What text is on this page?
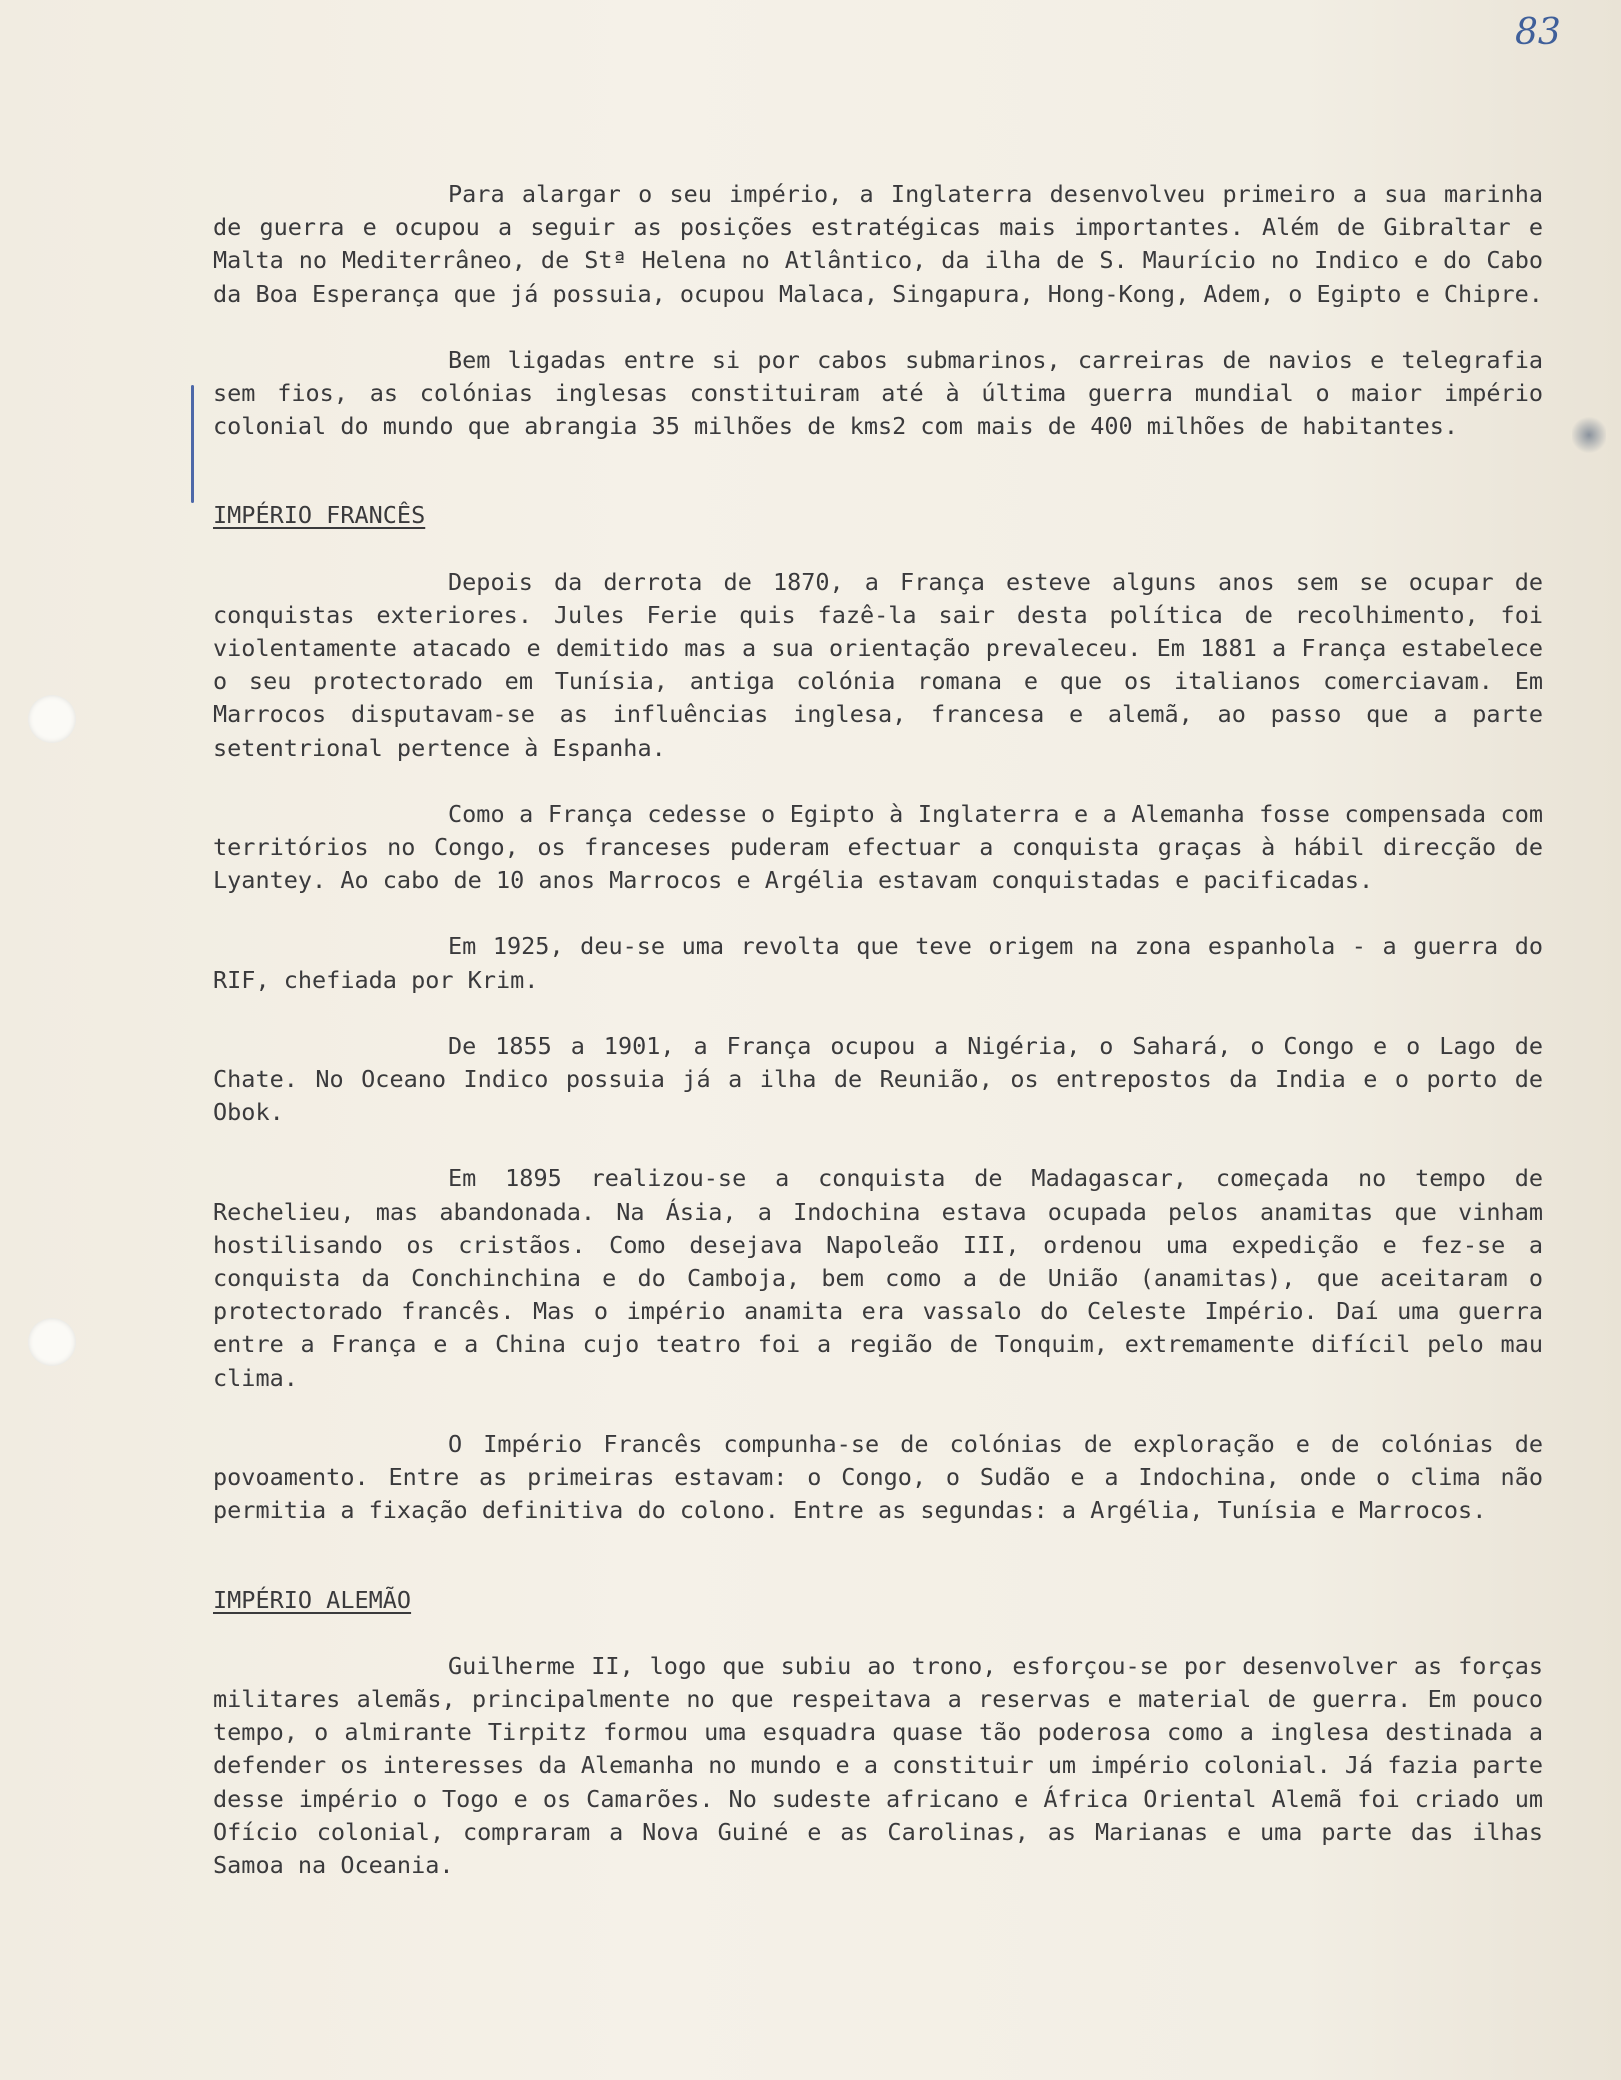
83

Para alargar o seu império, a Inglaterra desenvolveu primeiro a sua marinha de guerra e ocupou a seguir as posições estratégicas mais importantes. Além de Gibraltar e Malta no Mediterrâneo, de Stª Helena no Atlântico, da ilha de S. Maurício no Indico e do Cabo da Boa Esperança que já possuia, ocupou Malaca, Singapura, Hong-Kong, Adem, o Egipto e Chipre.

Bem ligadas entre si por cabos submarinos, carreiras de navios e telegrafia sem fios, as colónias inglesas constituiram até à última guerra mundial o maior império colonial do mundo que abrangia 35 milhões de kms2 com mais de 400 milhões de habitantes.

IMPÉRIO FRANCÊS

Depois da derrota de 1870, a França esteve alguns anos sem se ocupar de conquistas exteriores. Jules Ferie quis fazê-la sair desta política de recolhimento, foi violentamente atacado e demitido mas a sua orientação prevaleceu. Em 1881 a França estabelece o seu protectorado em Tunísia, antiga colónia romana e que os italianos comerciavam. Em Marrocos disputavam-se as influências inglesa, francesa e alemã, ao passo que a parte setentrional pertence à Espanha.

Como a França cedesse o Egipto à Inglaterra e a Alemanha fosse compensada com territórios no Congo, os franceses puderam efectuar a conquista graças à hábil direcção de Lyantey. Ao cabo de 10 anos Marrocos e Argélia estavam conquistadas e pacificadas.

Em 1925, deu-se uma revolta que teve origem na zona espanhola - a guerra do RIF, chefiada por Krim.

De 1855 a 1901, a França ocupou a Nigéria, o Sahará, o Congo e o Lago de Chate. No Oceano Indico possuia já a ilha de Reunião, os entrepostos da India e o porto de Obok.

Em 1895 realizou-se a conquista de Madagascar, começada no tempo de Rechelieu, mas abandonada. Na Ásia, a Indochina estava ocupada pelos anamitas que vinham hostilisando os cristãos. Como desejava Napoleão III, ordenou uma expedição e fez-se a conquista da Conchinchina e do Camboja, bem como a de União (anamitas), que aceitaram o protectorado francês. Mas o império anamita era vassalo do Celeste Império. Daí uma guerra entre a França e a China cujo teatro foi a região de Tonquim, extremamente difícil pelo mau clima.

O Império Francês compunha-se de colónias de exploração e de colónias de povoamento. Entre as primeiras estavam: o Congo, o Sudão e a Indochina, onde o clima não permitia a fixação definitiva do colono. Entre as segundas: a Argélia, Tunísia e Marrocos.

IMPÉRIO ALEMÃO

Guilherme II, logo que subiu ao trono, esforçou-se por desenvolver as forças militares alemãs, principalmente no que respeitava a reservas e material de guerra. Em pouco tempo, o almirante Tirpitz formou uma esquadra quase tão poderosa como a inglesa destinada a defender os interesses da Alemanha no mundo e a constituir um império colonial. Já fazia parte desse império o Togo e os Camarões. No sudeste africano e África Oriental Alemã foi criado um Ofício colonial, compraram a Nova Guiné e as Carolinas, as Marianas e uma parte das ilhas Samoa na Oceania.
